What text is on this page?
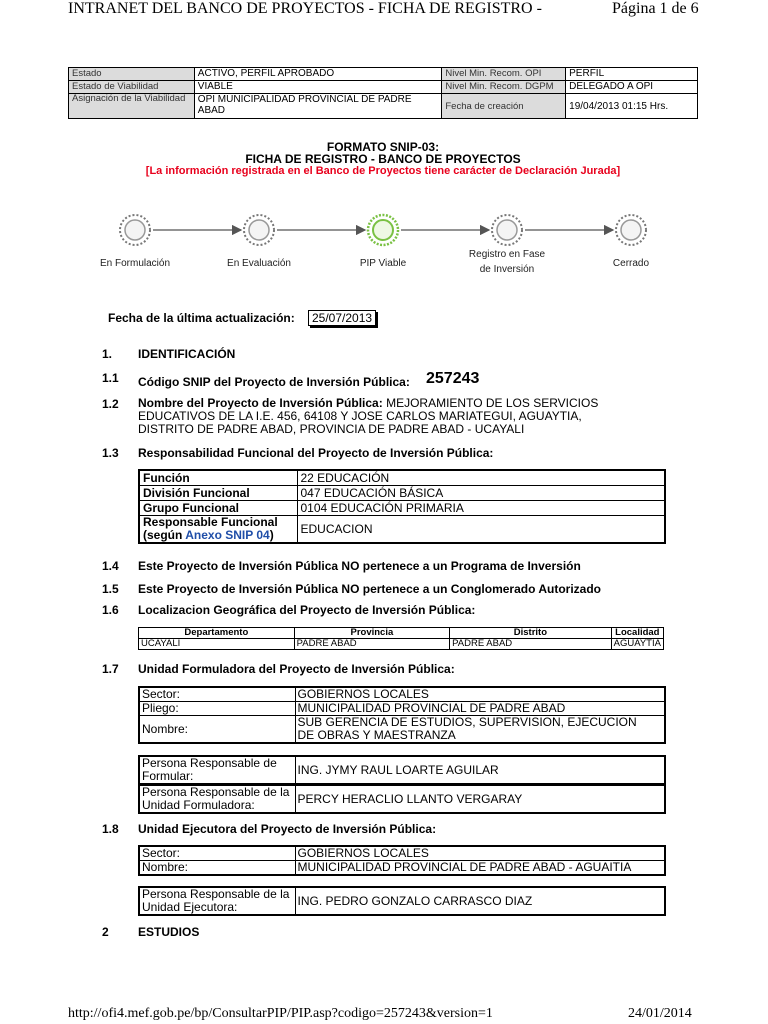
INTRANET DEL BANCO DE PROYECTOS - FICHA DE REGISTRO -	Página 1 de 6
Estado	ACTIVO, PERFIL APROBADO	Nivel Min. Recom. OPI	PERFIL
Estado de Viabilidad	VIABLE	Nivel Min. Recom. DGPM	DELEGADO A OPI
Asignación de la Viabilidad	OPI MUNICIPALIDAD PROVINCIAL DE PADRE ABAD	Fecha de creación	19/04/2013 01:15 Hrs.
FORMATO SNIP-03:
FICHA DE REGISTRO - BANCO DE PROYECTOS
[La información registrada en el Banco de Proyectos tiene carácter de Declaración Jurada]
En Formulación	En Evaluación	PIP Viable
Registro en Fase de Inversión
Cerrado
Fecha de la última actualización:	25/07/2013
1. IDENTIFICACIÓN
1.1 Código SNIP del Proyecto de Inversión Pública: 257243
1.2 Nombre del Proyecto de Inversión Pública: MEJORAMIENTO DE LOS SERVICIOS
EDUCATIVOS DE LA I.E. 456, 64108 Y JOSE CARLOS MARIATEGUI, AGUAYTIA,
DISTRITO DE PADRE ABAD, PROVINCIA DE PADRE ABAD - UCAYALI
1.3 Responsabilidad Funcional del Proyecto de Inversión Pública:
Función	22 EDUCACIÓN
División Funcional	047 EDUCACIÓN BÁSICA
Grupo Funcional	0104 EDUCACIÓN PRIMARIA

Responsable Funcional
(según Anexo SNIP 04)	EDUCACION
1.4 Este Proyecto de Inversión Pública NO pertenece a un Programa de Inversión
1.5 Este Proyecto de Inversión Pública NO pertenece a un Conglomerado Autorizado
1.6 Localizacion Geográfica del Proyecto de Inversión Pública:
Departamento	Provincia	Distrito	Localidad
UCAYALI	PADRE ABAD	PADRE ABAD	AGUAYTIA
1.7 Unidad Formuladora del Proyecto de Inversión Pública:
Sector:	GOBIERNOS LOCALES
Pliego:	MUNICIPALIDAD PROVINCIAL DE PADRE ABAD
Nombre:	SUB GERENCIA DE ESTUDIOS, SUPERVISION, EJECUCION
DE OBRAS Y MAESTRANZA
Persona Responsable de
Formular:	ING. JYMY RAUL LOARTE AGUILAR
Persona Responsable de la
Unidad Formuladora:	PERCY HERACLIO LLANTO VERGARAY
1.8 Unidad Ejecutora del Proyecto de Inversión Pública:
Sector:	GOBIERNOS LOCALES
Nombre:	MUNICIPALIDAD PROVINCIAL DE PADRE ABAD - AGUAITIA
Persona Responsable de la
Unidad Ejecutora:	ING. PEDRO GONZALO CARRASCO DIAZ
2 ESTUDIOS
http://ofi4.mef.gob.pe/bp/ConsultarPIP/PIP.asp?codigo=257243&version=1	24/01/2014
